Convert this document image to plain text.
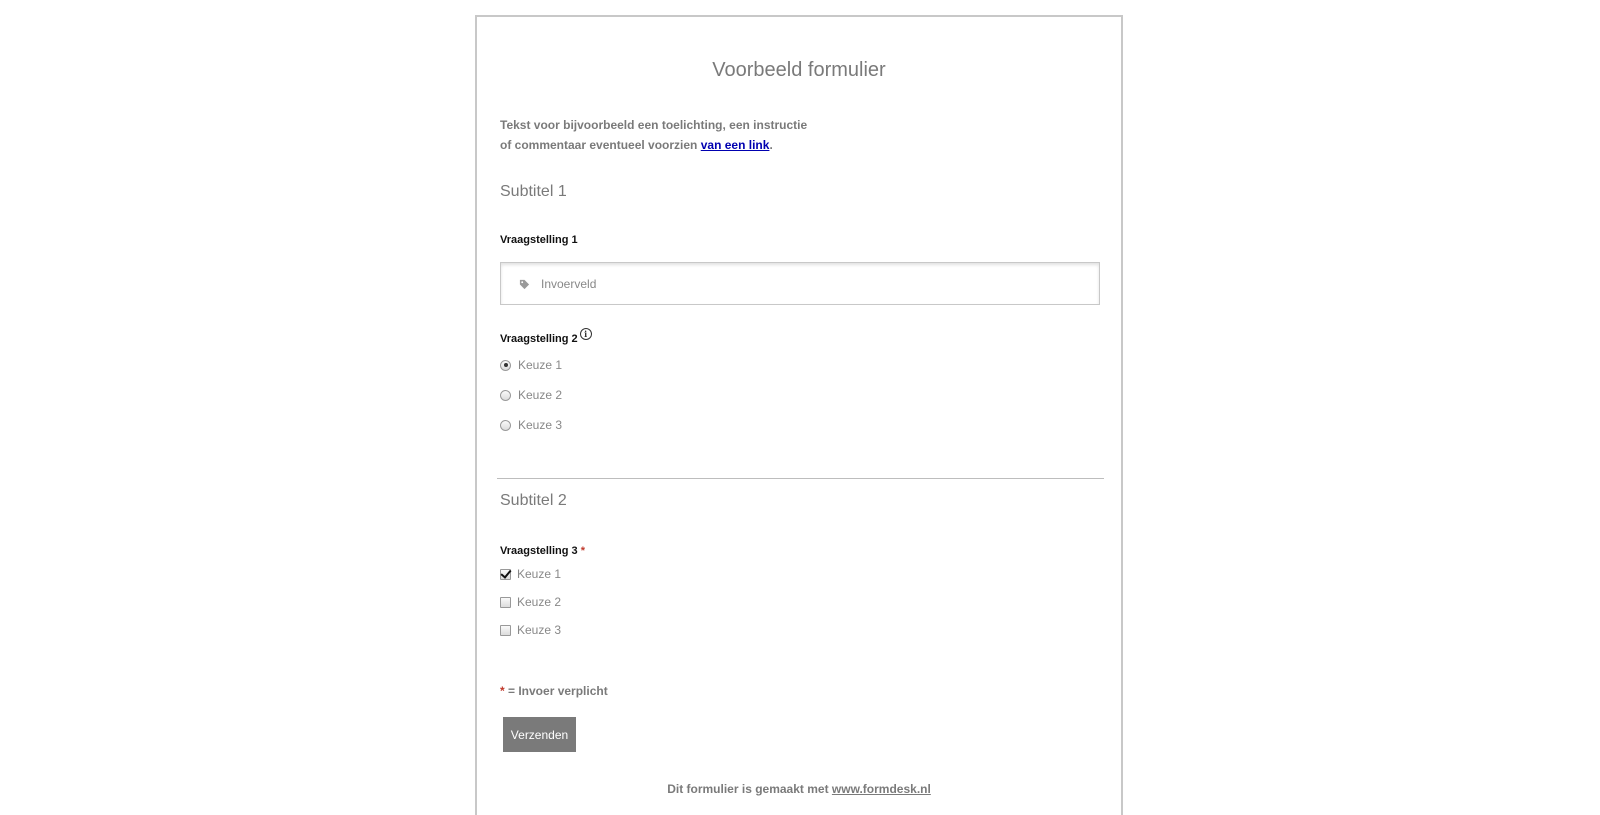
Voorbeeld formulier
Tekst voor bijvoorbeeld een toelichting, een instructie
of commentaar eventueel voorzien van een link.
Subtitel 1
Vraagstelling 1
Invoerveld
Vraagstelling 2 i
Keuze 1
Keuze 2
Keuze 3
Subtitel 2
Vraagstelling 3 *
Keuze 1
Keuze 2
Keuze 3
* = Invoer verplicht
Verzenden
Dit formulier is gemaakt met www.formdesk.nl
